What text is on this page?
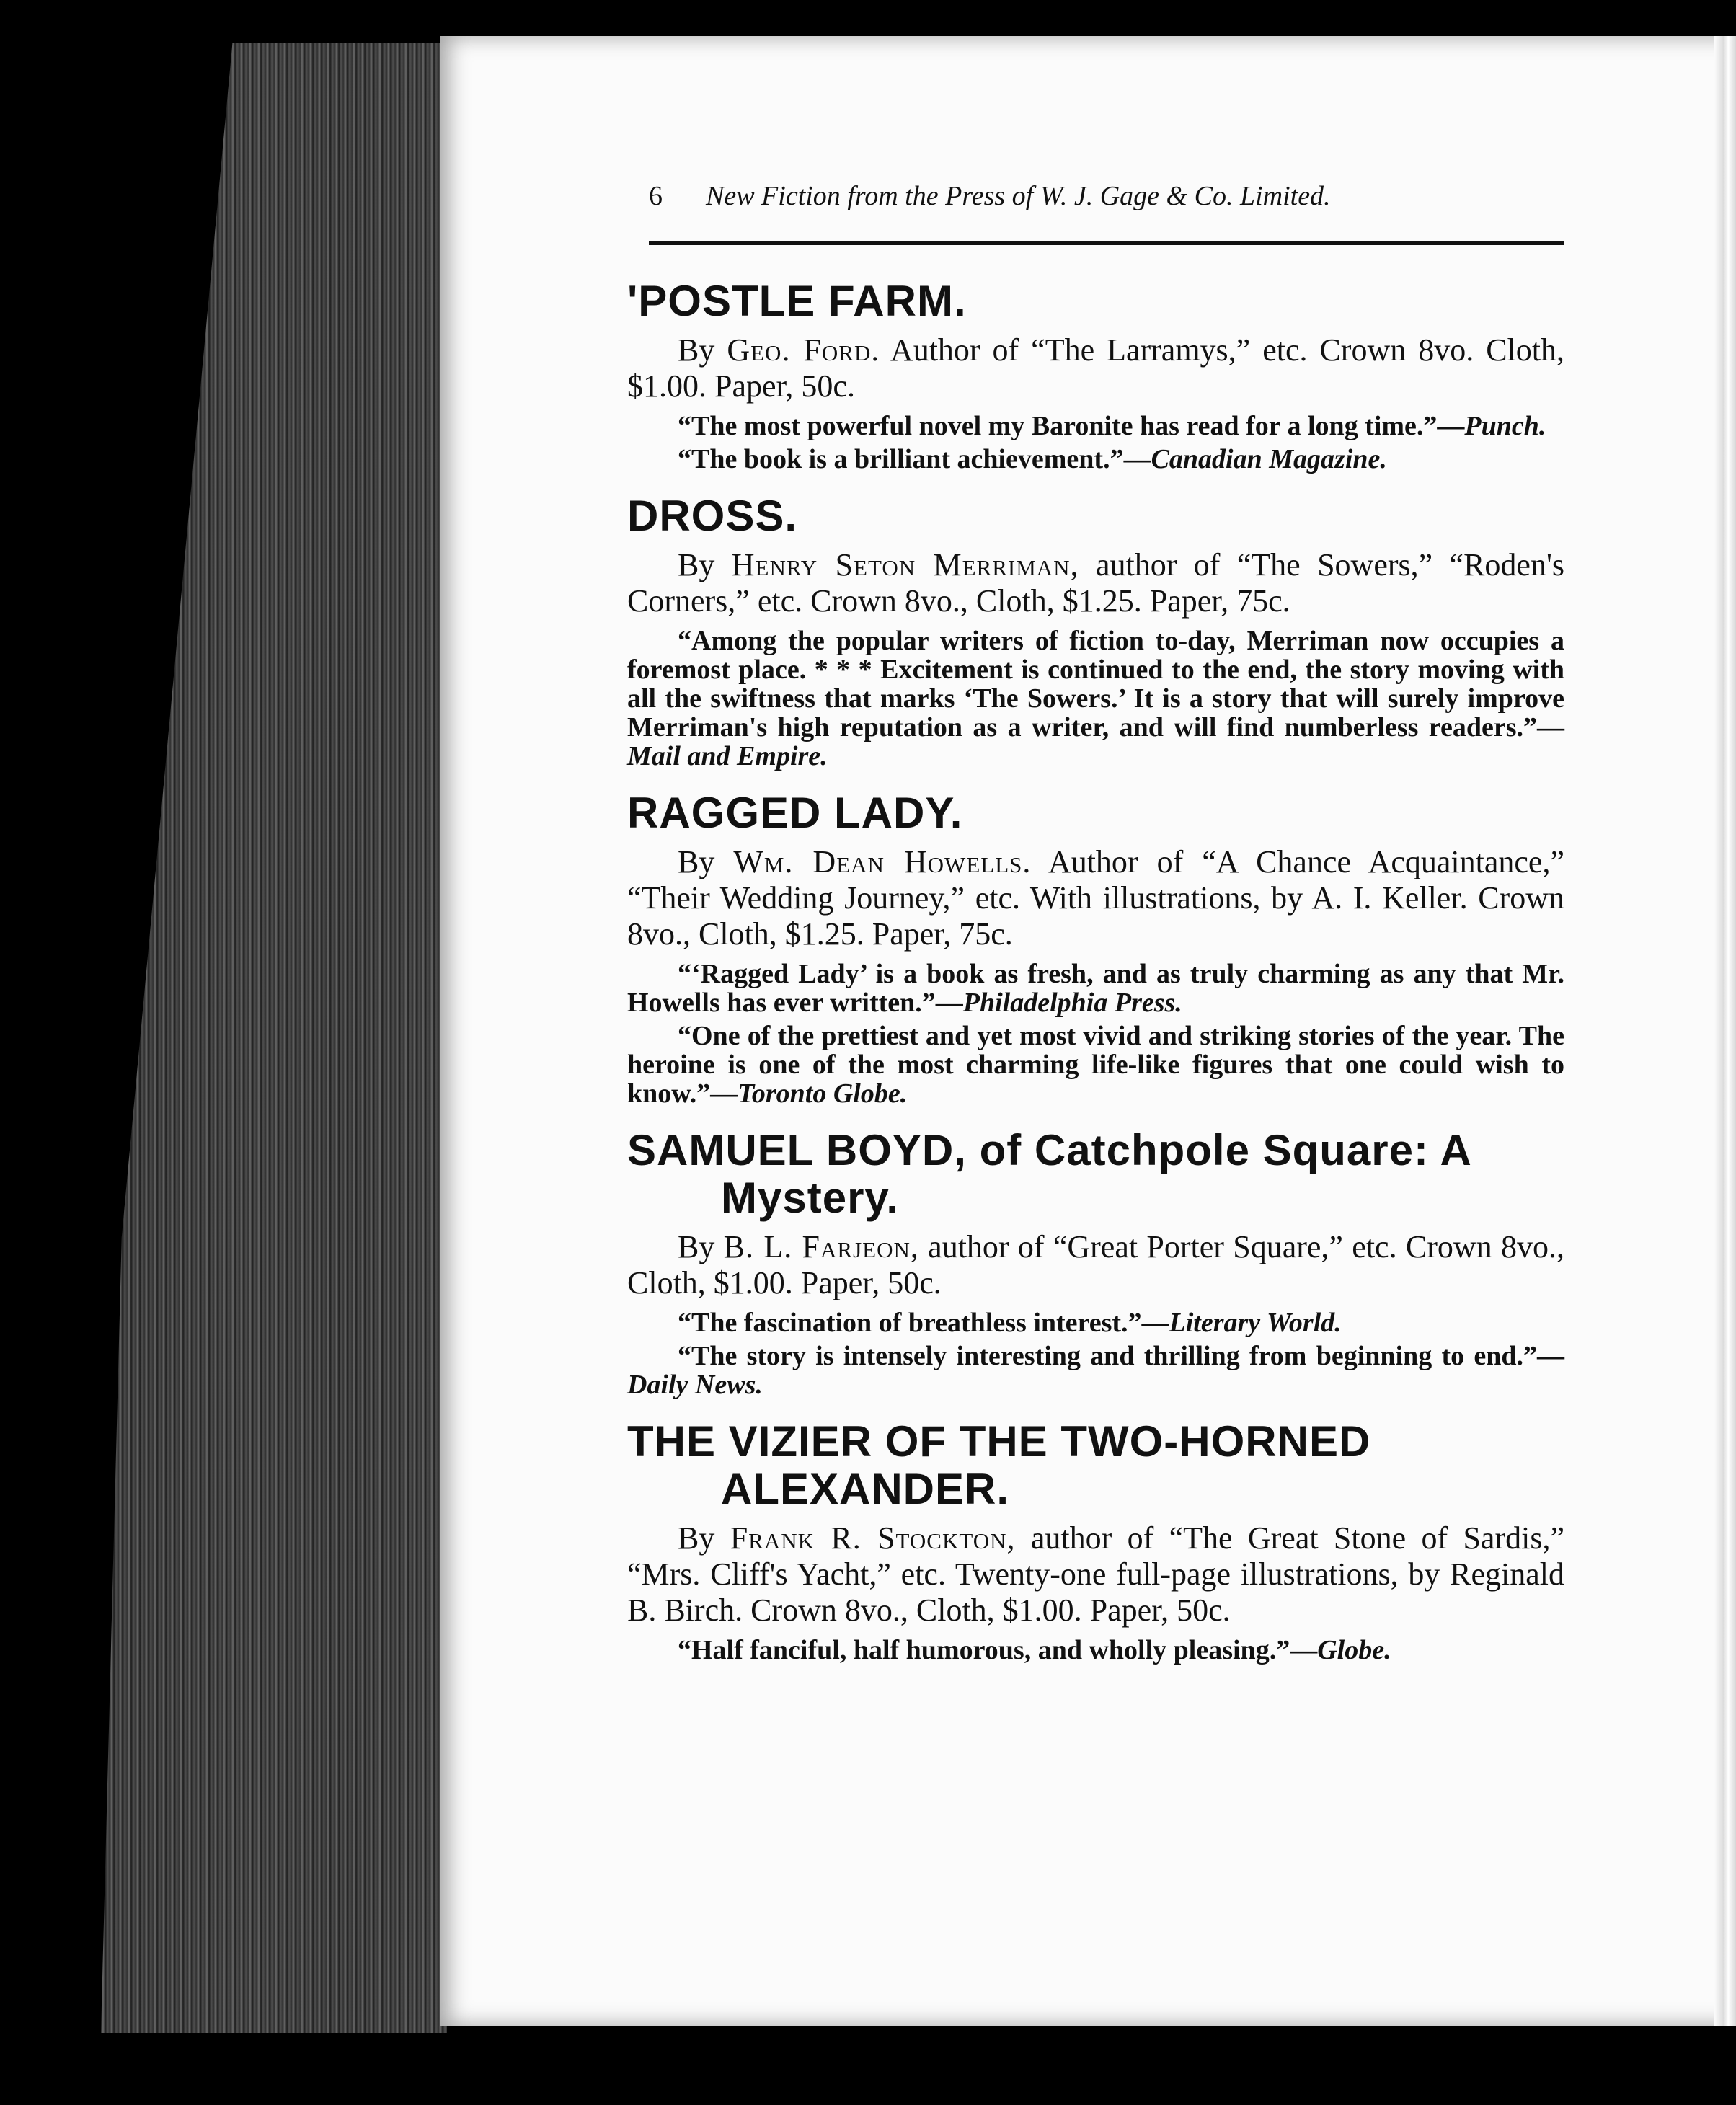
6 New Fiction from the Press of W. J. Gage & Co. Limited.
'POSTLE FARM.

By Geo. Ford. Author of “The Larramys,” etc. Crown 8vo. Cloth, $1.00. Paper, 50c.

“The most powerful novel my Baronite has read for a long time.”—Punch.

“The book is a brilliant achievement.”—Canadian Magazine.

DROSS.

By Henry Seton Merriman, author of “The Sowers,” “Roden's Corners,” etc. Crown 8vo., Cloth, $1.25. Paper, 75c.

“Among the popular writers of fiction to-day, Merriman now occupies a foremost place. * * * Excitement is continued to the end, the story moving with all the swiftness that marks ‘The Sowers.’ It is a story that will surely improve Merriman's high reputation as a writer, and will find numberless readers.”—Mail and Empire.

RAGGED LADY.

By Wm. Dean Howells. Author of “A Chance Acquaintance,” “Their Wedding Journey,” etc. With illustrations, by A. I. Keller. Crown 8vo., Cloth, $1.25. Paper, 75c.

“‘Ragged Lady’ is a book as fresh, and as truly charming as any that Mr. Howells has ever written.”—Philadelphia Press.

“One of the prettiest and yet most vivid and striking stories of the year. The heroine is one of the most charming life-like figures that one could wish to know.”—Toronto Globe.

SAMUEL BOYD, of Catchpole Square: A Mystery.

By B. L. Farjeon, author of “Great Porter Square,” etc. Crown 8vo., Cloth, $1.00. Paper, 50c.

“The fascination of breathless interest.”—Literary World.

“The story is intensely interesting and thrilling from beginning to end.”—Daily News.

THE VIZIER OF THE TWO-HORNED ALEXANDER.

By Frank R. Stockton, author of “The Great Stone of Sardis,” “Mrs. Cliff's Yacht,” etc. Twenty-one full-page illustrations, by Reginald B. Birch. Crown 8vo., Cloth, $1.00. Paper, 50c.

“Half fanciful, half humorous, and wholly pleasing.”—Globe.
